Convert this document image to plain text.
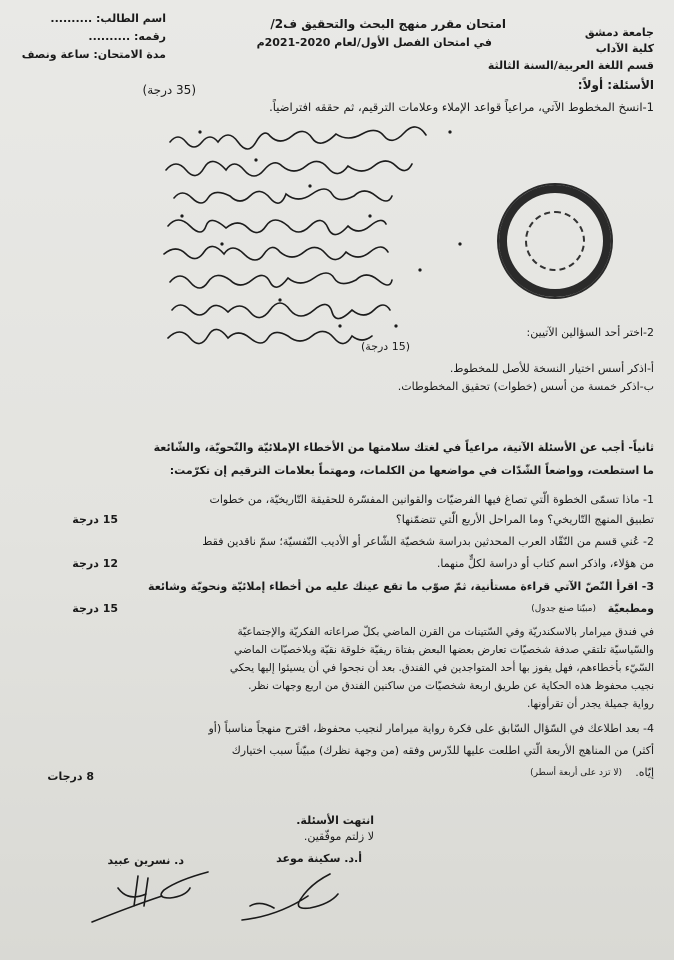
جامعة دمشق
كلية الآداب
قسم اللغة العربية/السنة الثالثة
امتحان مقرر منهج البحث والتحقيق ف2/
في امتحان الفصل الأول/لعام 2020-2021م
اسم الطالب: ..........
رقمه: ..........
مدة الامتحان: ساعة ونصف
الأسئلة: أولاً:
1-انسخ المخطوط الآتي، مراعياً قواعد الإملاء وعلامات الترقيم، ثم حققه افتراضياً.
(35 درجة)
2-اختر أحد السؤالين الآتيين:
(15 درجة)
أ-اذكر أسس اختيار النسخة للأصل للمخطوط.
ب-اذكر خمسة من أسس (خطوات) تحقيق المخطوطات.
ثانياً- أجب عن الأسئلة الآتية، مراعياً في لغتك سلامتها من الأخطاء الإملائيّة والنّحويّة، والشّائعة
ما استطعت، وواضعاً الشّدّات في مواضعها من الكلمات، ومهتماً بعلامات الترقيم إن تكرّمت:
1- ماذا تسمّى الخطوة الّتي تصاغ فيها الفرضيّات والقوانين المفسّرة للحقيقة التّاريخيّة، من خطوات
تطبيق المنهج التّاريخي؟ وما المراحل الأربع الّتي تتضمّنها؟
15 درجة
2- عُني قسم من النّقّاد العرب المحدثين بدراسة شخصيّة الشّاعر أو الأديب النّفسيّة؛ سمّ ناقدين فقط
من هؤلاء، واذكر اسم كتاب أو دراسة لكلٍّ منهما.
12 درجة
3- اقرأ النّصّ الآتي قراءة مستأنية، ثمّ صوّب ما تقع عينك عليه من أخطاء إملائيّة ونحويّة وشائعة
ومطبعيّة
(مبيّنا صنع جدول)
15 درجة
في فندق ميرامار بالاسكندريّة وفي السّتينات من القرن الماضي بكلّ صراعاته الفكريّة والإجتماعيّة
والسّياسيّة تلتقي صدفة شخصيّات تعارض بعضها البعض بفتاة ريفيّة خلوقة نقيّة وبلاخصيّات الماضي
السّيّء بأخطاءهم، فهل يفوز بها أحد المتواجدين في الفندق. بعد أن نجحوا في أن يسيئوا إليها يحكي
نجيب محفوظ هذه الحكاية عن طريق اربعة شخصيّات من ساكنين الفندق من اربع وجهات نظر.
رواية جميلة يجدر أن تقرأونها.
4- بعد اطلاعك في السّؤال السّابق على فكرة رواية ميرامار لنجيب محفوظ، اقترح منهجاً مناسباً (أو
أكثر) من المناهج الأربعة الّتي اطلعت عليها للدّرس وفقه (من وجهة نظرك) مبيّناً سبب اختيارك
إيّاه.
(لا تزد على أربعة أسطر)
8 درجات
انتهت الأسئلة.
لا زلتم موفّقين.
أ.د. سكينة موعد
د. نسرين عبيد
